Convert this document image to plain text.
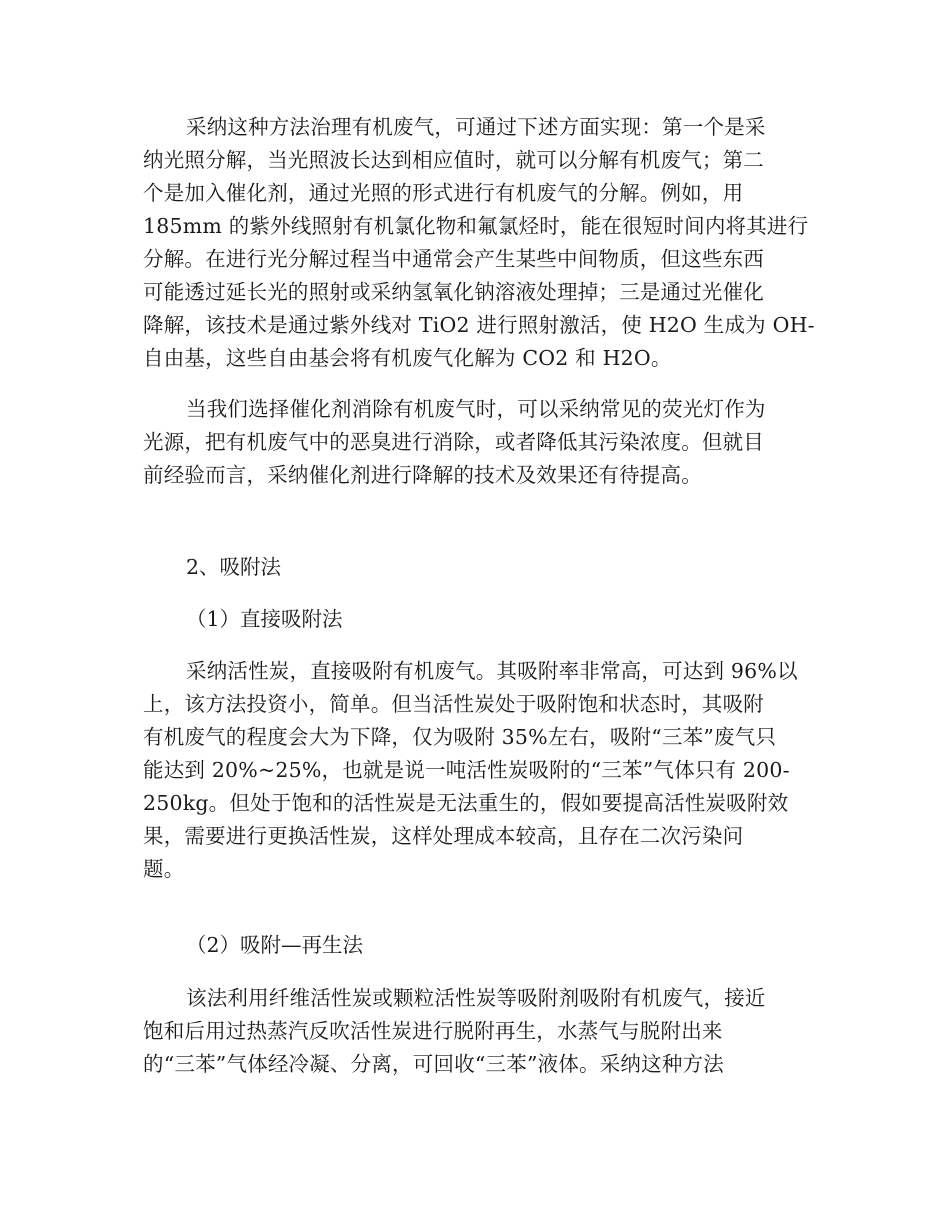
采纳这种方法治理有机废气，可通过下述方面实现：第一个是采
纳光照分解，当光照波长达到相应值时，就可以分解有机废气；第二
个是加入催化剂，通过光照的形式进行有机废气的分解。例如，用
185mm 的紫外线照射有机氯化物和氟氯烃时，能在很短时间内将其进行
分解。在进行光分解过程当中通常会产生某些中间物质，但这些东西
可能透过延长光的照射或采纳氢氧化钠溶液处理掉；三是通过光催化
降解，该技术是通过紫外线对 TiO2 进行照射激活，使 H2O 生成为 OH-
自由基，这些自由基会将有机废气化解为 CO2 和 H2O。
当我们选择催化剂消除有机废气时，可以采纳常见的荧光灯作为
光源，把有机废气中的恶臭进行消除，或者降低其污染浓度。但就目
前经验而言，采纳催化剂进行降解的技术及效果还有待提高。
2、吸附法
（1）直接吸附法
采纳活性炭，直接吸附有机废气。其吸附率非常高，可达到 96%以
上，该方法投资小，简单。但当活性炭处于吸附饱和状态时，其吸附
有机废气的程度会大为下降，仅为吸附 35%左右，吸附“三苯”废气只
能达到 20%~25%，也就是说一吨活性炭吸附的“三苯”气体只有 200-
250kg。但处于饱和的活性炭是无法重生的，假如要提高活性炭吸附效
果，需要进行更换活性炭，这样处理成本较高，且存在二次污染问
题。
（2）吸附—再生法
该法利用纤维活性炭或颗粒活性炭等吸附剂吸附有机废气，接近
饱和后用过热蒸汽反吹活性炭进行脱附再生，水蒸气与脱附出来
的“三苯”气体经冷凝、分离，可回收“三苯”液体。采纳这种方法
